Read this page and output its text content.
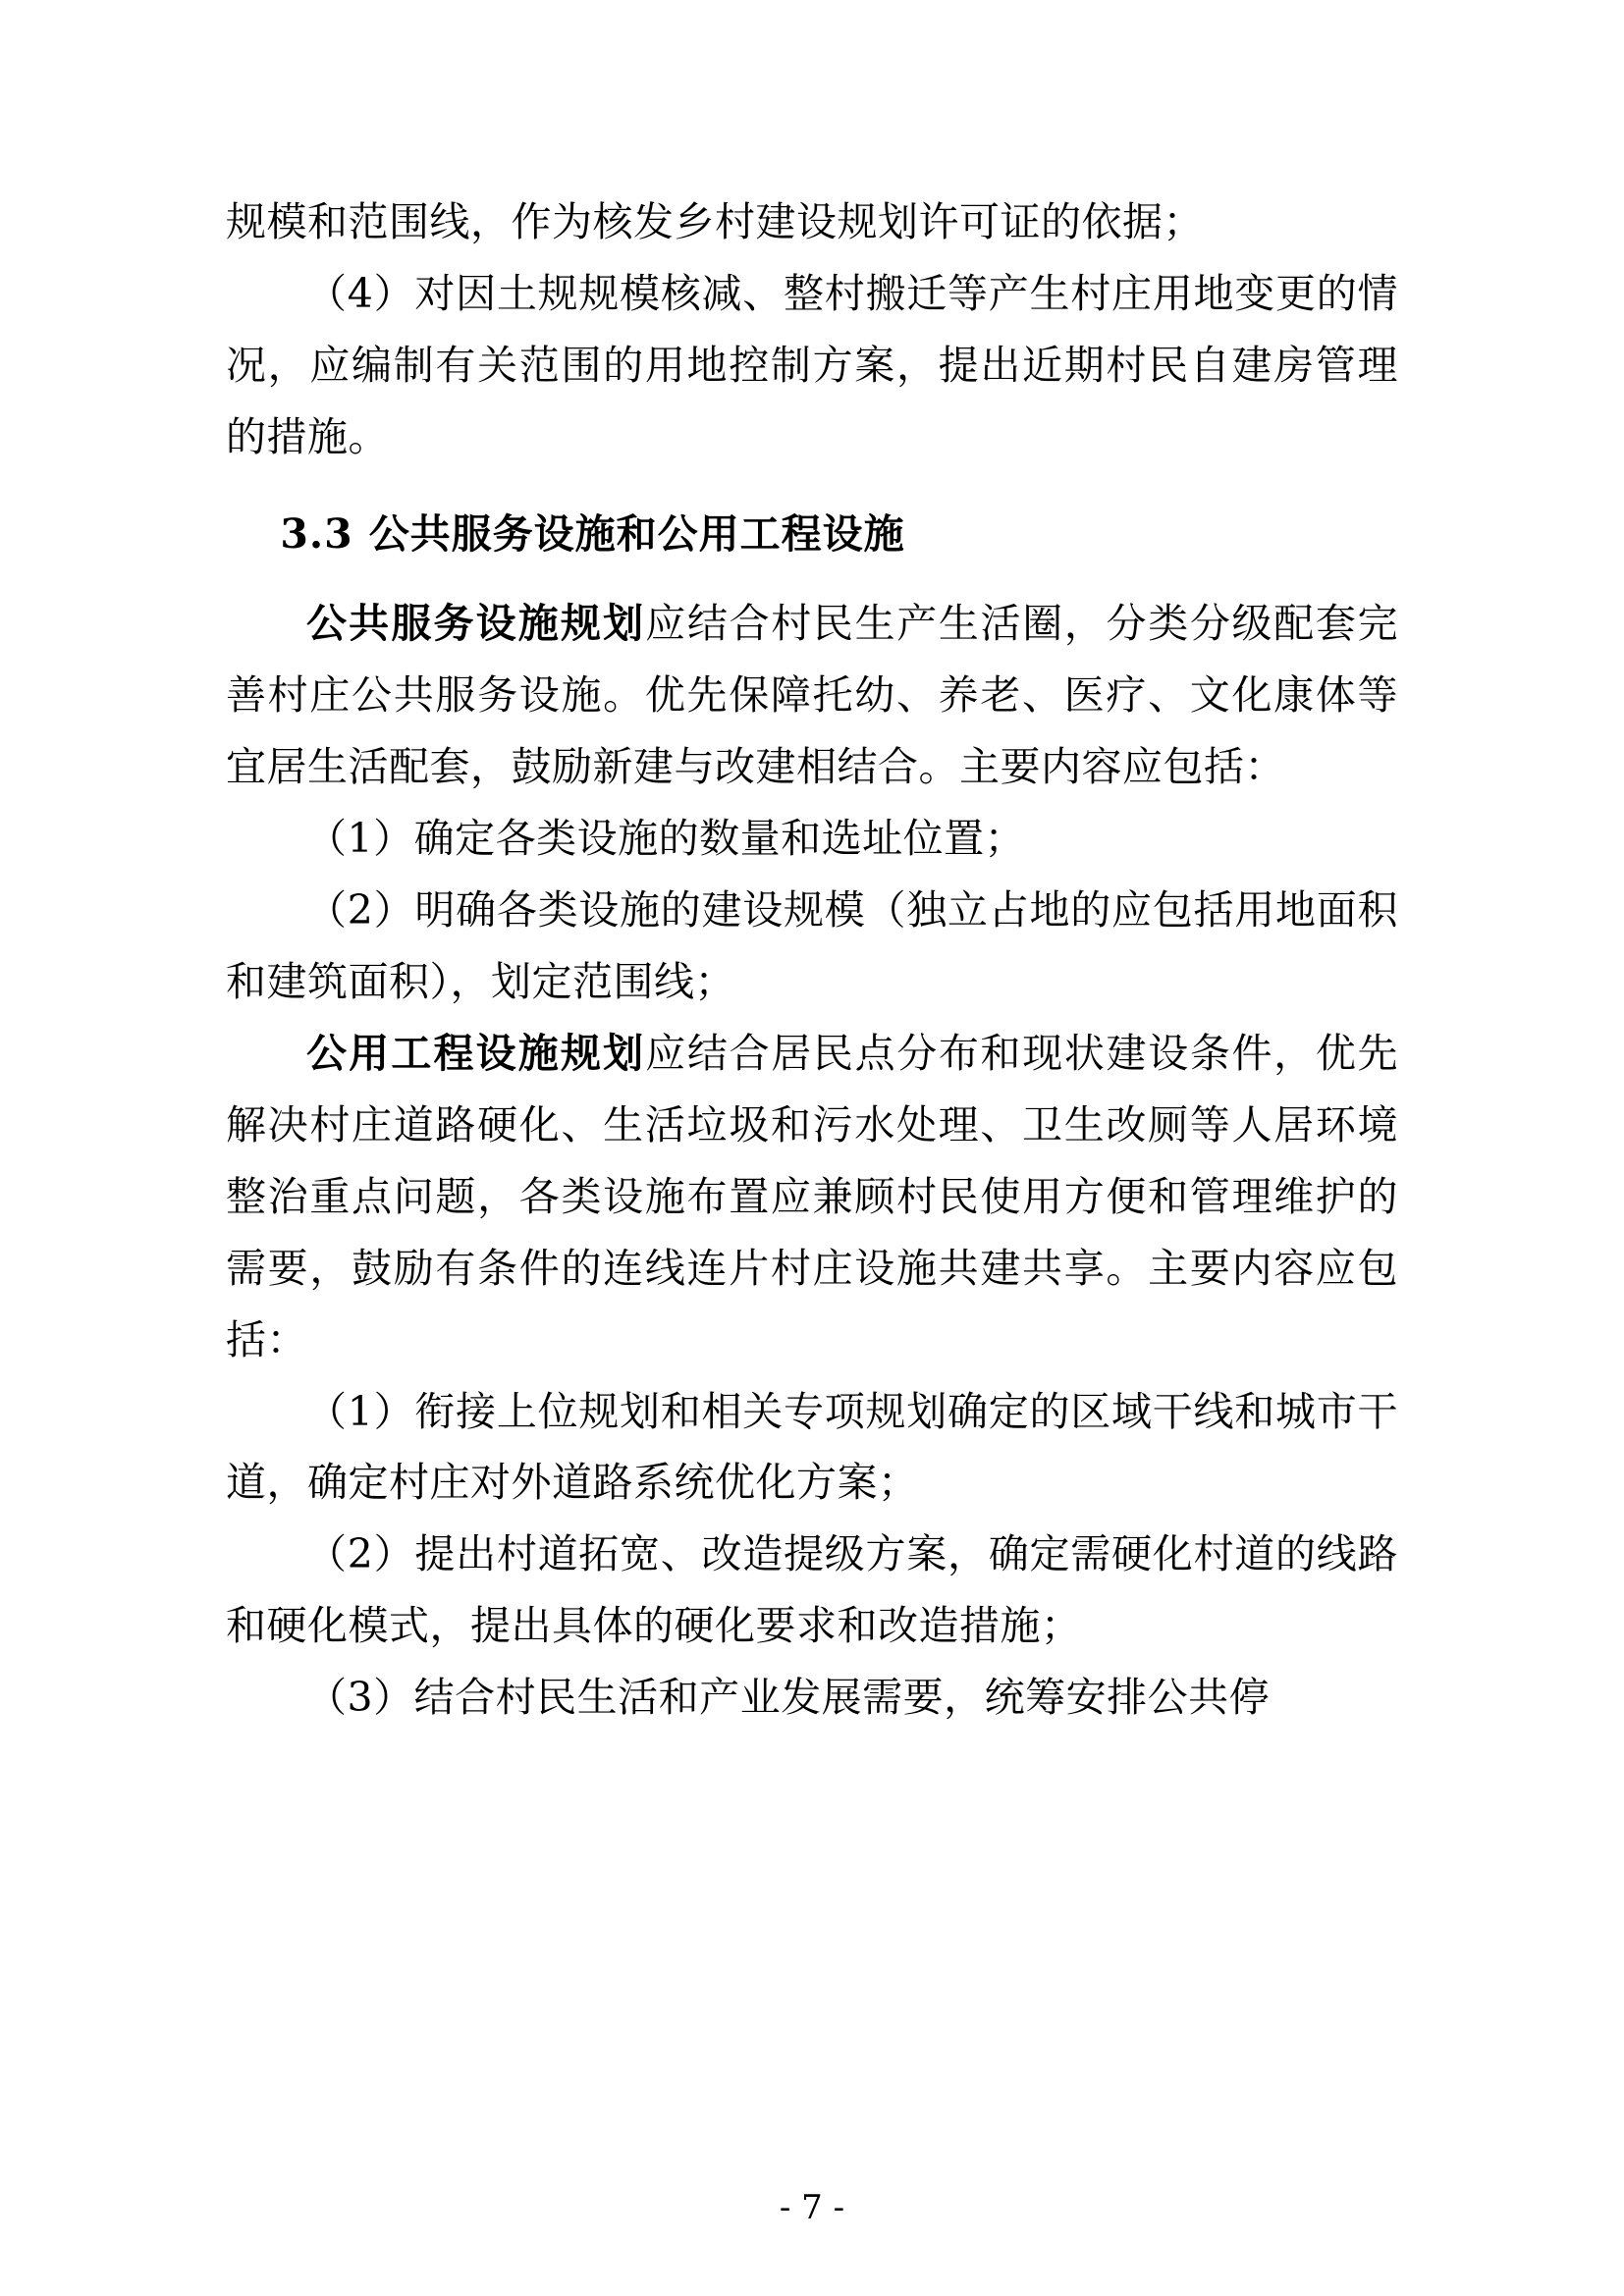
规模和范围线，作为核发乡村建设规划许可证的依据；

（4）对因土规规模核减、整村搬迁等产生村庄用地变更的情况，应编制有关范围的用地控制方案，提出近期村民自建房管理的措施。

3.3 公共服务设施和公用工程设施

公共服务设施规划应结合村民生产生活圈，分类分级配套完善村庄公共服务设施。优先保障托幼、养老、医疗、文化康体等宜居生活配套，鼓励新建与改建相结合。主要内容应包括：

（1）确定各类设施的数量和选址位置；

（2）明确各类设施的建设规模（独立占地的应包括用地面积和建筑面积），划定范围线；

公用工程设施规划应结合居民点分布和现状建设条件，优先解决村庄道路硬化、生活垃圾和污水处理、卫生改厕等人居环境整治重点问题，各类设施布置应兼顾村民使用方便和管理维护的需要，鼓励有条件的连线连片村庄设施共建共享。主要内容应包括：

（1）衔接上位规划和相关专项规划确定的区域干线和城市干道，确定村庄对外道路系统优化方案；

（2）提出村道拓宽、改造提级方案，确定需硬化村道的线路和硬化模式，提出具体的硬化要求和改造措施；

（3）结合村民生活和产业发展需要，统筹安排公共停

- 7 -
